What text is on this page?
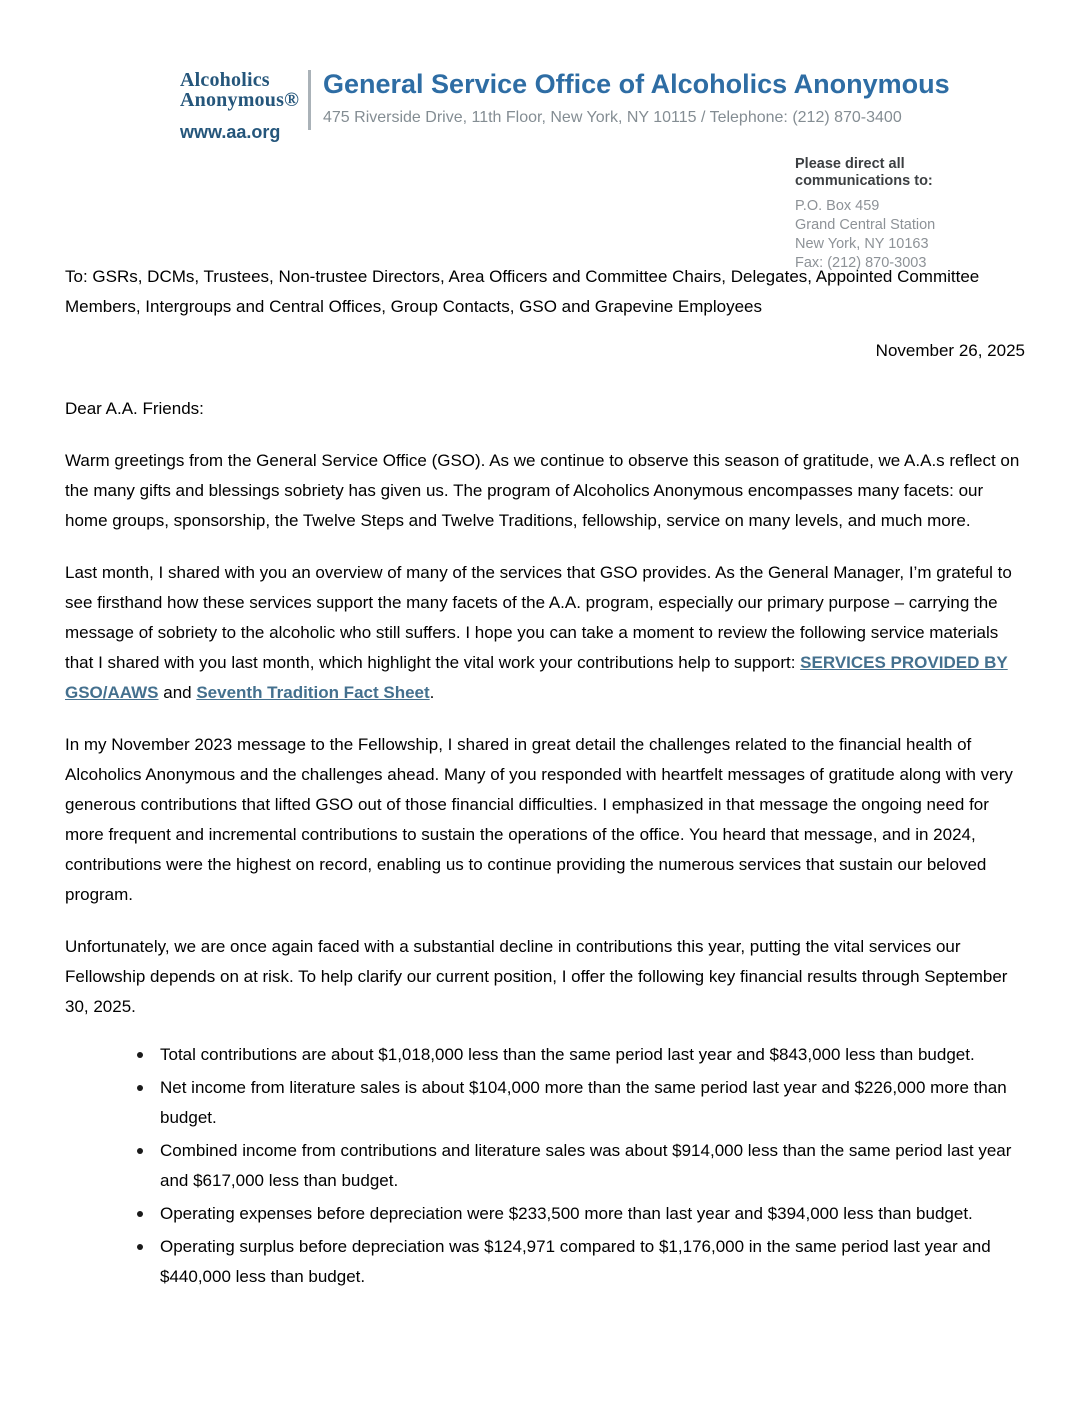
Alcoholics
Anonymous®
www.aa.org
General Service Office of Alcoholics Anonymous
475 Riverside Drive, 11th Floor, New York, NY 10115 / Telephone: (212) 870-3400
Please direct all communications to:
P.O. Box 459
Grand Central Station
New York, NY 10163
Fax: (212) 870-3003

To: GSRs, DCMs, Trustees, Non-trustee Directors, Area Officers and Committee Chairs, Delegates, Appointed Committee Members, Intergroups and Central Offices, Group Contacts, GSO and Grapevine Employees

November 26, 2025

Dear A.A. Friends:

Warm greetings from the General Service Office (GSO). As we continue to observe this season of gratitude, we A.A.s reflect on the many gifts and blessings sobriety has given us. The program of Alcoholics Anonymous encompasses many facets: our home groups, sponsorship, the Twelve Steps and Twelve Traditions, fellowship, service on many levels, and much more.

Last month, I shared with you an overview of many of the services that GSO provides. As the General Manager, I’m grateful to see firsthand how these services support the many facets of the A.A. program, especially our primary purpose – carrying the message of sobriety to the alcoholic who still suffers. I hope you can take a moment to review the following service materials that I shared with you last month, which highlight the vital work your contributions help to support: SERVICES PROVIDED BY GSO/AAWS and Seventh Tradition Fact Sheet.

In my November 2023 message to the Fellowship, I shared in great detail the challenges related to the financial health of Alcoholics Anonymous and the challenges ahead. Many of you responded with heartfelt messages of gratitude along with very generous contributions that lifted GSO out of those financial difficulties. I emphasized in that message the ongoing need for more frequent and incremental contributions to sustain the operations of the office. You heard that message, and in 2024, contributions were the highest on record, enabling us to continue providing the numerous services that sustain our beloved program.

Unfortunately, we are once again faced with a substantial decline in contributions this year, putting the vital services our Fellowship depends on at risk. To help clarify our current position, I offer the following key financial results through September 30, 2025.

Total contributions are about $1,018,000 less than the same period last year and $843,000 less than budget.
Net income from literature sales is about $104,000 more than the same period last year and $226,000 more than budget.
Combined income from contributions and literature sales was about $914,000 less than the same period last year and $617,000 less than budget.
Operating expenses before depreciation were $233,500 more than last year and $394,000 less than budget.
Operating surplus before depreciation was $124,971 compared to $1,176,000 in the same period last year and $440,000 less than budget.
